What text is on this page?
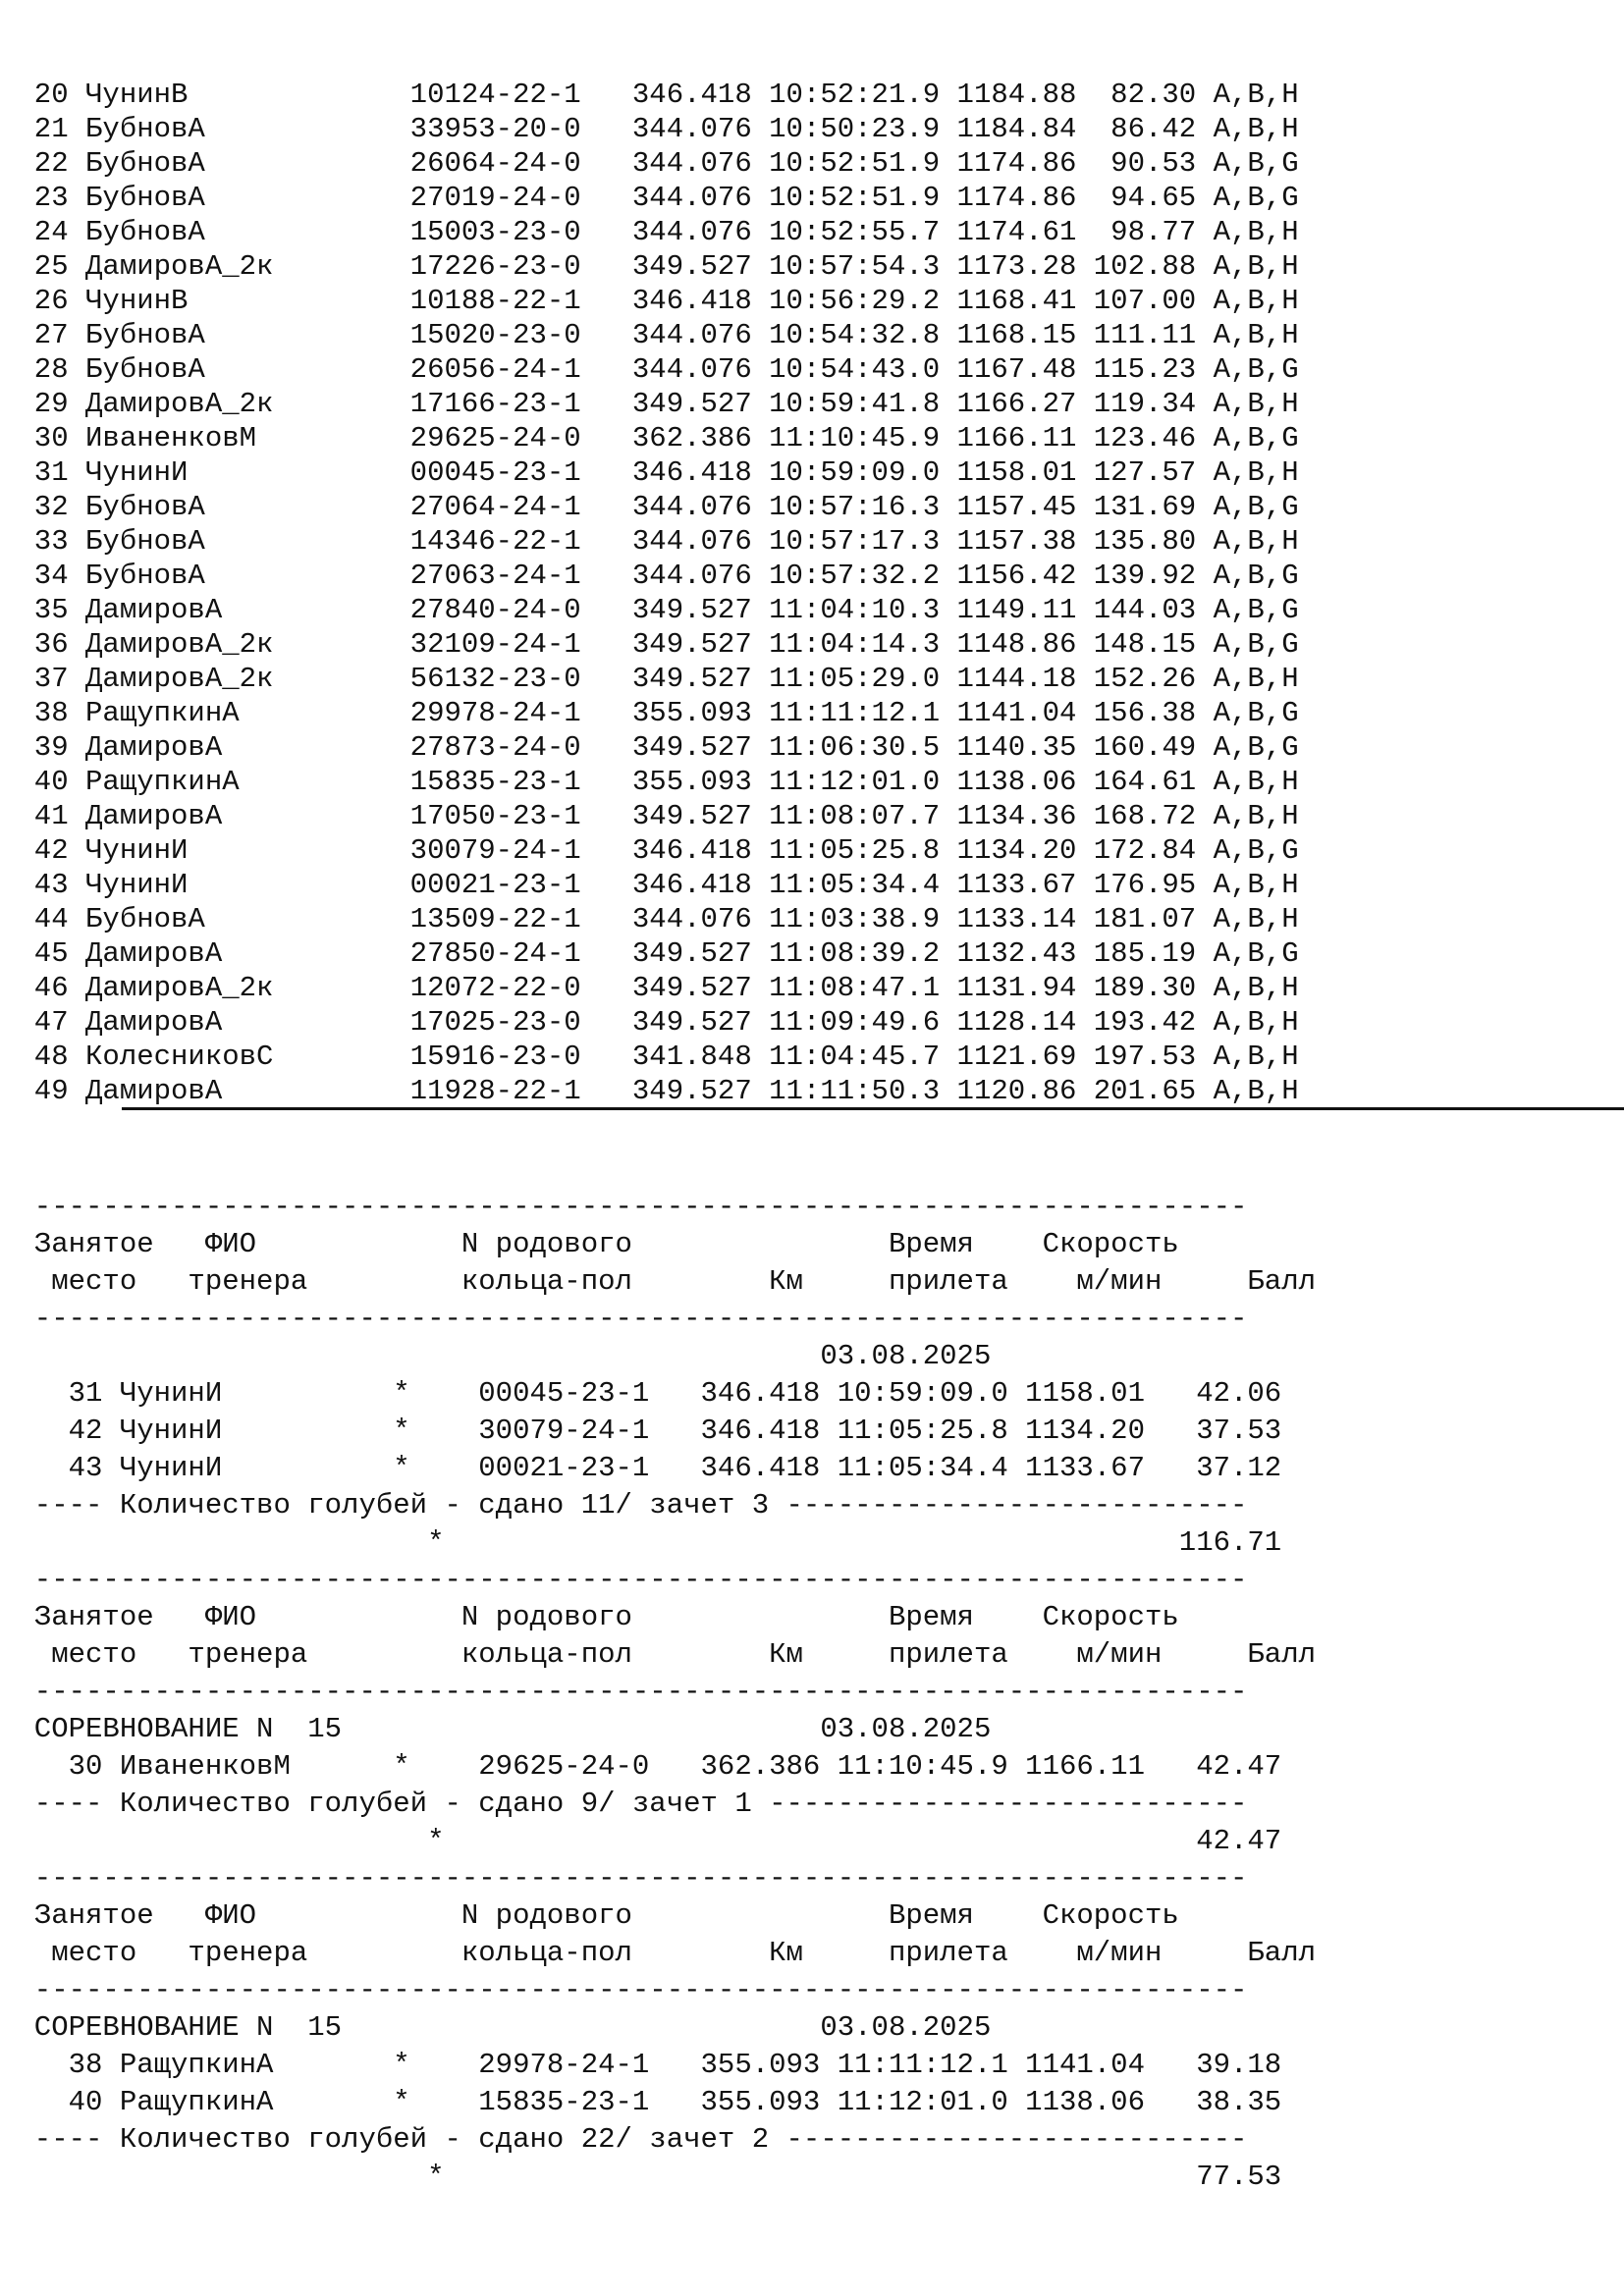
20 ЧунинВ             10124-22-1   346.418 10:52:21.9 1184.88  82.30 A,B,H
21 БубновА            33953-20-0   344.076 10:50:23.9 1184.84  86.42 A,B,H
22 БубновА            26064-24-0   344.076 10:52:51.9 1174.86  90.53 A,B,G
23 БубновА            27019-24-0   344.076 10:52:51.9 1174.86  94.65 A,B,G
24 БубновА            15003-23-0   344.076 10:52:55.7 1174.61  98.77 A,B,H
25 ДамировА_2к        17226-23-0   349.527 10:57:54.3 1173.28 102.88 A,B,H
26 ЧунинВ             10188-22-1   346.418 10:56:29.2 1168.41 107.00 A,B,H
27 БубновА            15020-23-0   344.076 10:54:32.8 1168.15 111.11 A,B,H
28 БубновА            26056-24-1   344.076 10:54:43.0 1167.48 115.23 A,B,G
29 ДамировА_2к        17166-23-1   349.527 10:59:41.8 1166.27 119.34 A,B,H
30 ИваненковМ         29625-24-0   362.386 11:10:45.9 1166.11 123.46 A,B,G
31 ЧунинИ             00045-23-1   346.418 10:59:09.0 1158.01 127.57 A,B,H
32 БубновА            27064-24-1   344.076 10:57:16.3 1157.45 131.69 A,B,G
33 БубновА            14346-22-1   344.076 10:57:17.3 1157.38 135.80 A,B,H
34 БубновА            27063-24-1   344.076 10:57:32.2 1156.42 139.92 A,B,G
35 ДамировА           27840-24-0   349.527 11:04:10.3 1149.11 144.03 A,B,G
36 ДамировА_2к        32109-24-1   349.527 11:04:14.3 1148.86 148.15 A,B,G
37 ДамировА_2к        56132-23-0   349.527 11:05:29.0 1144.18 152.26 A,B,H
38 РащупкинА          29978-24-1   355.093 11:11:12.1 1141.04 156.38 A,B,G
39 ДамировА           27873-24-0   349.527 11:06:30.5 1140.35 160.49 A,B,G
40 РащупкинА          15835-23-1   355.093 11:12:01.0 1138.06 164.61 A,B,H
41 ДамировА           17050-23-1   349.527 11:08:07.7 1134.36 168.72 A,B,H
42 ЧунинИ             30079-24-1   346.418 11:05:25.8 1134.20 172.84 A,B,G
43 ЧунинИ             00021-23-1   346.418 11:05:34.4 1133.67 176.95 A,B,H
44 БубновА            13509-22-1   344.076 11:03:38.9 1133.14 181.07 A,B,H
45 ДамировА           27850-24-1   349.527 11:08:39.2 1132.43 185.19 A,B,G
46 ДамировА_2к        12072-22-0   349.527 11:08:47.1 1131.94 189.30 A,B,H
47 ДамировА           17025-23-0   349.527 11:09:49.6 1128.14 193.42 A,B,H
48 КолесниковС        15916-23-0   341.848 11:04:45.7 1121.69 197.53 A,B,H
49 ДамировА           11928-22-1   349.527 11:11:50.3 1120.86 201.65 A,B,H
-----------------------------------------------------------------------
Занятое   ФИО            N родового               Время    Скорость
место   тренера         кольца-пол        Км     прилета    м/мин     Балл
-----------------------------------------------------------------------
03.08.2025
31 ЧунинИ          *    00045-23-1   346.418 10:59:09.0 1158.01   42.06
42 ЧунинИ          *    30079-24-1   346.418 11:05:25.8 1134.20   37.53
43 ЧунинИ          *    00021-23-1   346.418 11:05:34.4 1133.67   37.12
---- Количество голубей - сдано 11/ зачет 3 ---------------------------
*                                           116.71
-----------------------------------------------------------------------
Занятое   ФИО            N родового               Время    Скорость
место   тренера         кольца-пол        Км     прилета    м/мин     Балл
-----------------------------------------------------------------------
СОРЕВНОВАНИЕ N  15                            03.08.2025
30 ИваненковМ      *    29625-24-0   362.386 11:10:45.9 1166.11   42.47
---- Количество голубей - сдано 9/ зачет 1 ----------------------------
*                                            42.47
-----------------------------------------------------------------------
Занятое   ФИО            N родового               Время    Скорость
место   тренера         кольца-пол        Км     прилета    м/мин     Балл
-----------------------------------------------------------------------
СОРЕВНОВАНИЕ N  15                            03.08.2025
38 РащупкинА       *    29978-24-1   355.093 11:11:12.1 1141.04   39.18
40 РащупкинА       *    15835-23-1   355.093 11:12:01.0 1138.06   38.35
---- Количество голубей - сдано 22/ зачет 2 ---------------------------
*                                            77.53
